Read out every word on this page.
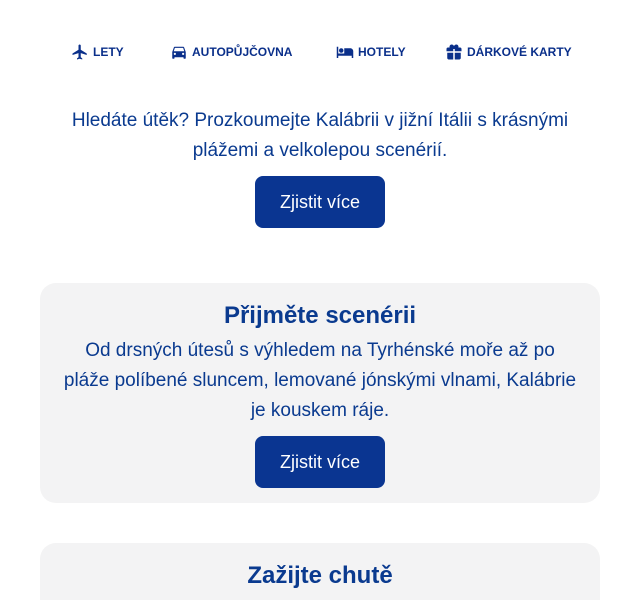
LETY	AUTOPŮJČOVNA	HOTELY	DÁRKOVÉ KARTY

Hledáte útěk? Prozkoumejte Kalábrii v jižní Itálii s krásnými plážemi a velkolepou scenérií.

Zjistit více
Přijměte scenérii

Od drsných útesů s výhledem na Tyrhénské moře až po pláže políbené sluncem, lemované jónskými vlnami, Kalábrie je kouskem ráje.

Zjistit více
Zažijte chutě
